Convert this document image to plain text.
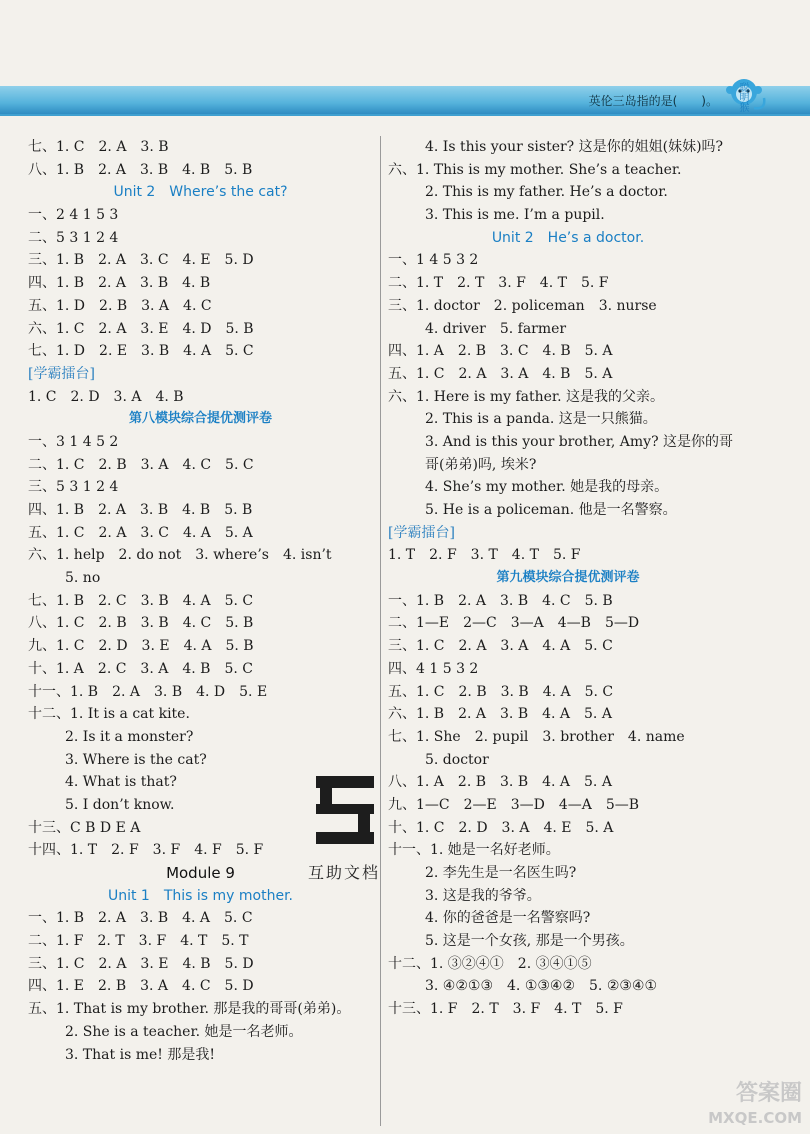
英伦三岛指的是(　　)。 聪明猴
七、1. C　2. A　3. B
八、1. B　2. A　3. B　4. B　5. B
Unit 2　Where’s the cat?
一、2 4 1 5 3
二、5 3 1 2 4
三、1. B　2. A　3. C　4. E　5. D
四、1. B　2. A　3. B　4. B
五、1. D　2. B　3. A　4. C
六、1. C　2. A　3. E　4. D　5. B
七、1. D　2. E　3. B　4. A　5. C
[学霸擂台]
1. C　2. D　3. A　4. B
第八模块综合提优测评卷
一、3 1 4 5 2
二、1. C　2. B　3. A　4. C　5. C
三、5 3 1 2 4
四、1. B　2. A　3. B　4. B　5. B
五、1. C　2. A　3. C　4. A　5. A
六、1. help　2. do not　3. where’s　4. isn’t
5. no
七、1. B　2. C　3. B　4. A　5. C
八、1. C　2. B　3. B　4. C　5. B
九、1. C　2. D　3. E　4. A　5. B
十、1. A　2. C　3. A　4. B　5. C
十一、1. B　2. A　3. B　4. D　5. E
十二、1. It is a cat kite.
2. Is it a monster?
3. Where is the cat?
4. What is that?
5. I don’t know.
十三、C B D E A
十四、1. T　2. F　3. F　4. F　5. F
Module 9
Unit 1　This is my mother.
一、1. B　2. A　3. B　4. A　5. C
二、1. F　2. T　3. F　4. T　5. T
三、1. C　2. A　3. E　4. B　5. D
四、1. E　2. B　3. A　4. C　5. D
五、1. That is my brother. 那是我的哥哥(弟弟)。
2. She is a teacher. 她是一名老师。
3. That is me! 那是我!
4. Is this your sister? 这是你的姐姐(妹妹)吗?
六、1. This is my mother. She’s a teacher.
2. This is my father. He’s a doctor.
3. This is me. I’m a pupil.
Unit 2　He’s a doctor.
一、1 4 5 3 2
二、1. T　2. T　3. F　4. T　5. F
三、1. doctor　2. policeman　3. nurse
4. driver　5. farmer
四、1. A　2. B　3. C　4. B　5. A
五、1. C　2. A　3. A　4. B　5. A
六、1. Here is my father. 这是我的父亲。
2. This is a panda. 这是一只熊猫。
3. And is this your brother, Amy? 这是你的哥
哥(弟弟)吗, 埃米?
4. She’s my mother. 她是我的母亲。
5. He is a policeman. 他是一名警察。
[学霸擂台]
1. T　2. F　3. T　4. T　5. F
第九模块综合提优测评卷
一、1. B　2. A　3. B　4. C　5. B
二、1—E　2—C　3—A　4—B　5—D
三、1. C　2. A　3. A　4. A　5. C
四、4 1 5 3 2
五、1. C　2. B　3. B　4. A　5. C
六、1. B　2. A　3. B　4. A　5. A
七、1. She　2. pupil　3. brother　4. name
5. doctor
八、1. A　2. B　3. B　4. A　5. A
九、1—C　2—E　3—D　4—A　5—B
十、1. C　2. D　3. A　4. E　5. A
十一、1. 她是一名好老师。
2. 李先生是一名医生吗?
3. 这是我的爷爷。
4. 你的爸爸是一名警察吗?
5. 这是一个女孩, 那是一个男孩。
十二、1. ③②④①　2. ③④①⑤
3. ④②①③　4. ①③④②　5. ②③④①
十三、1. F　2. T　3. F　4. T　5. F
互助文档
答案圈
MXQE.COM
